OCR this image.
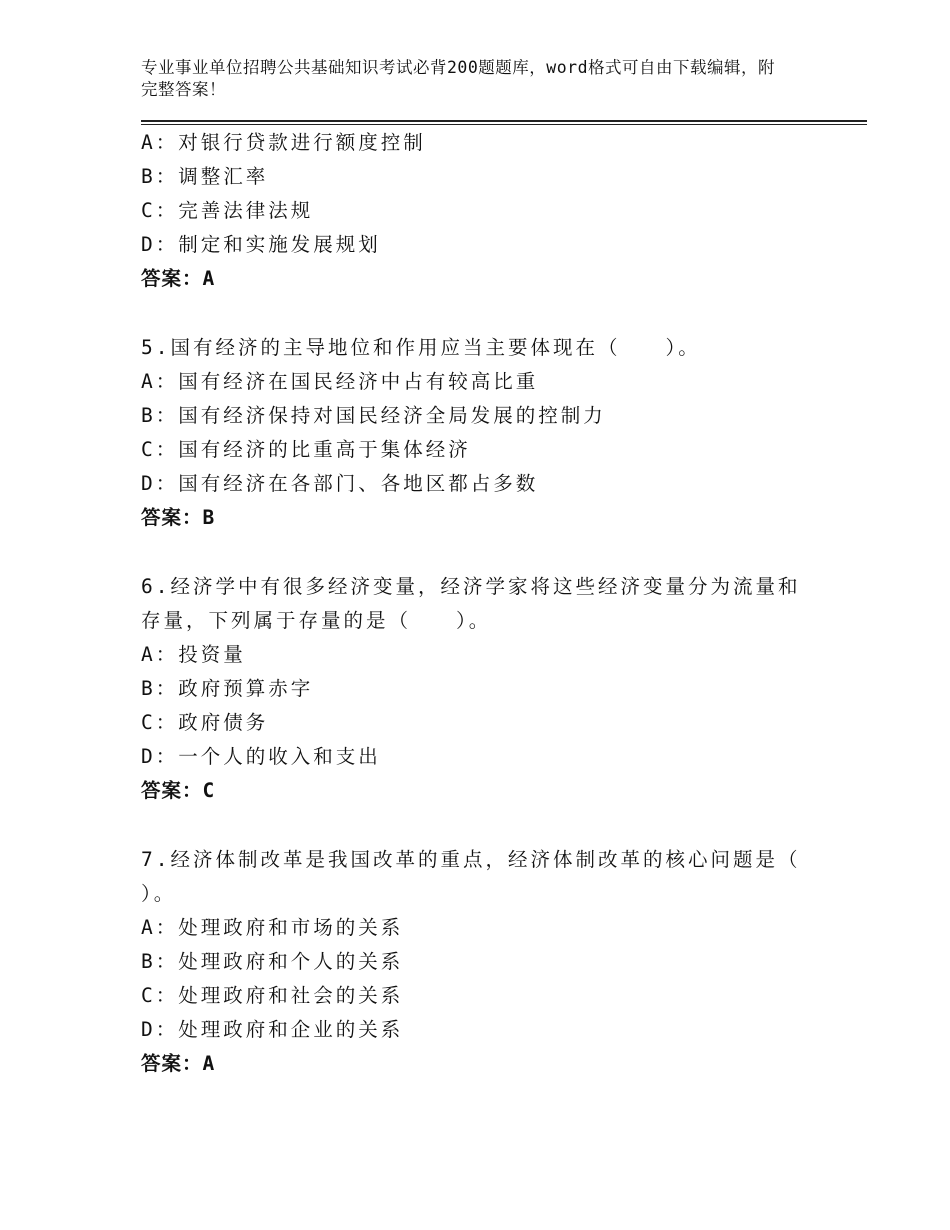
专业事业单位招聘公共基础知识考试必背200题题库，word格式可自由下载编辑，附完整答案！
A：对银行贷款进行额度控制
B：调整汇率
C：完善法律法规
D：制定和实施发展规划
答案：A
5.国有经济的主导地位和作用应当主要体现在（　　）。
A：国有经济在国民经济中占有较高比重
B：国有经济保持对国民经济全局发展的控制力
C：国有经济的比重高于集体经济
D：国有经济在各部门、各地区都占多数
答案：B
6.经济学中有很多经济变量，经济学家将这些经济变量分为流量和存量，下列属于存量的是（　　）。
A：投资量
B：政府预算赤字
C：政府债务
D：一个人的收入和支出
答案：C
7.经济体制改革是我国改革的重点，经济体制改革的核心问题是（　　）。
A：处理政府和市场的关系
B：处理政府和个人的关系
C：处理政府和社会的关系
D：处理政府和企业的关系
答案：A
